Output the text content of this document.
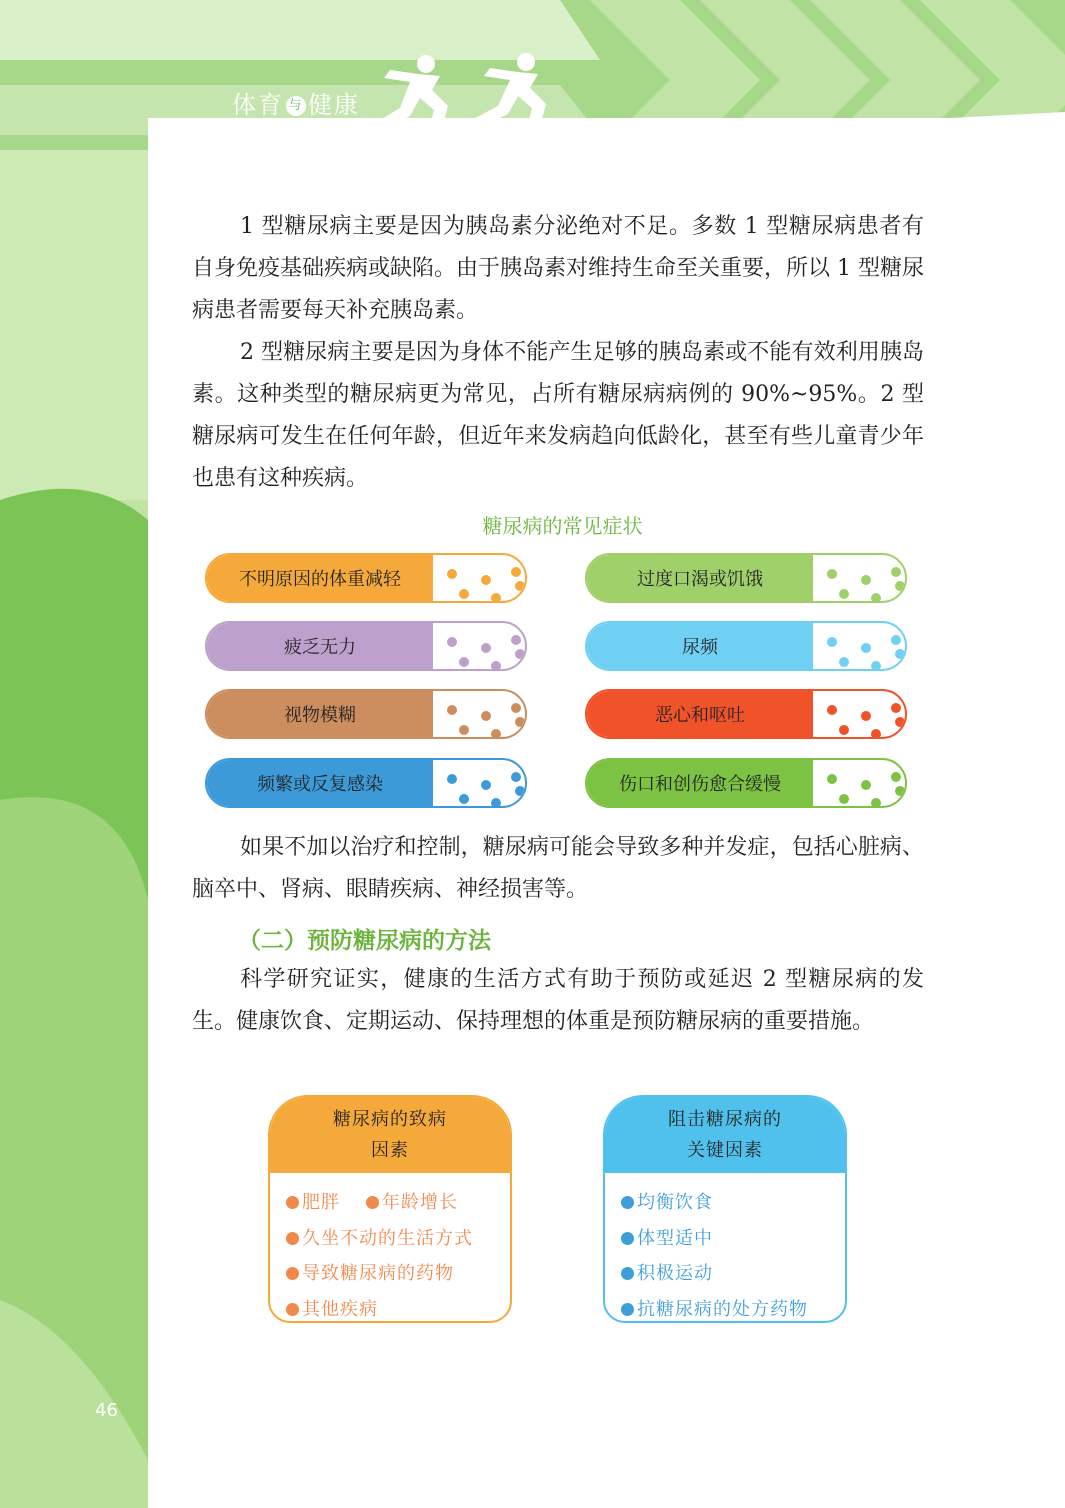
体育 与 健康

1 型糖尿病主要是因为胰岛素分泌绝对不足。多数 1 型糖尿病患者有自身免疫基础疾病或缺陷。由于胰岛素对维持生命至关重要，所以 1 型糖尿病患者需要每天补充胰岛素。

2 型糖尿病主要是因为身体不能产生足够的胰岛素或不能有效利用胰岛素。这种类型的糖尿病更为常见，占所有糖尿病病例的 90%~95%。2 型糖尿病可发生在任何年龄，但近年来发病趋向低龄化，甚至有些儿童青少年也患有这种疾病。

糖尿病的常见症状
不明原因的体重减轻	过度口渴或饥饿
疲乏无力	尿频
视物模糊	恶心和呕吐
频繁或反复感染	伤口和创伤愈合缓慢

如果不加以治疗和控制，糖尿病可能会导致多种并发症，包括心脏病、脑卒中、肾病、眼睛疾病、神经损害等。

（二）预防糖尿病的方法

科学研究证实，健康的生活方式有助于预防或延迟 2 型糖尿病的发生。健康饮食、定期运动、保持理想的体重是预防糖尿病的重要措施。

糖尿病的致病
因素
肥胖 年龄增长
久坐不动的生活方式
导致糖尿病的药物
其他疾病
阻击糖尿病的
关键因素
均衡饮食
体型适中
积极运动
抗糖尿病的处方药物
46
